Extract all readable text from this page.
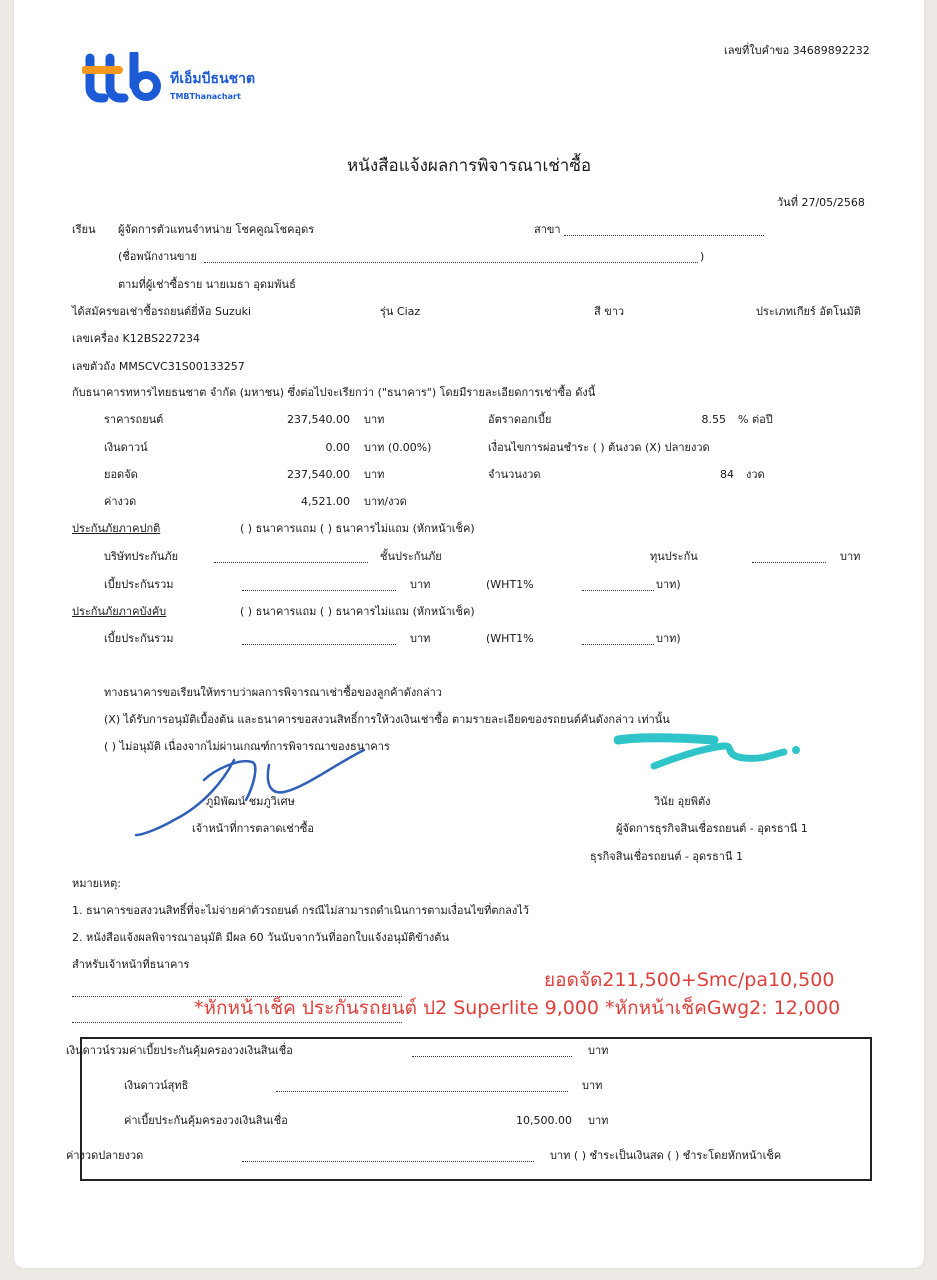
ทีเอ็มบีธนชาต
TMBThanachart
เลขที่ใบคำขอ 34689892232
หนังสือแจ้งผลการพิจารณาเช่าซื้อ
วันที่ 27/05/2568
เรียน ผู้จัดการตัวแทนจำหน่าย โชคคูณโชคอุดร	สาขา
(ชื่อพนักงานขาย	)
ตามที่ผู้เช่าซื้อราย นายเมธา อุดมพันธ์
ได้สมัครขอเช่าซื้อรถยนต์ยี่ห้อ Suzuki	รุ่น Ciaz	สี ขาว	ประเภทเกียร์ อัตโนมัติ
เลขเครื่อง K12BS227234
เลขตัวถัง MMSCVC31S00133257
กับธนาคารทหารไทยธนชาต จำกัด (มหาชน) ซึ่งต่อไปจะเรียกว่า ("ธนาคาร") โดยมีรายละเอียดการเช่าซื้อ ดังนี้
ราคารถยนต์	237,540.00 บาท	อัตราดอกเบี้ย	8.55 % ต่อปี
เงินดาวน์	0.00 บาท (0.00%)	เงื่อนไขการผ่อนชำระ ( ) ต้นงวด (X) ปลายงวด
ยอดจัด	237,540.00 บาท	จำนวนงวด	84 งวด
ค่างวด	4,521.00 บาท/งวด
ประกันภัยภาคปกติ	( ) ธนาคารแถม ( ) ธนาคารไม่แถม (หักหน้าเช็ค)
บริษัทประกันภัย	ชั้นประกันภัย	ทุนประกัน	บาท
เบี้ยประกันรวม	บาท	(WHT1%	บาท)
ประกันภัยภาคบังคับ	( ) ธนาคารแถม ( ) ธนาคารไม่แถม (หักหน้าเช็ค)
เบี้ยประกันรวม	บาท	(WHT1%	บาท)
ทางธนาคารขอเรียนให้ทราบว่าผลการพิจารณาเช่าซื้อของลูกค้าดังกล่าว
(X) ได้รับการอนุมัติเบื้องต้น และธนาคารขอสงวนสิทธิ์การให้วงเงินเช่าซื้อ ตามรายละเอียดของรถยนต์คันดังกล่าว เท่านั้น
( ) ไม่อนุมัติ เนื่องจากไม่ผ่านเกณฑ์การพิจารณาของธนาคาร
ภูมิพัฒน์ ชมภูวิเศษ
เจ้าหน้าที่การตลาดเช่าซื้อ
วินัย อุยพิตัง
ผู้จัดการธุรกิจสินเชื่อรถยนต์ - อุดรธานี 1
ธุรกิจสินเชื่อรถยนต์ - อุดรธานี 1
หมายเหตุ:
1. ธนาคารขอสงวนสิทธิ์ที่จะไม่จ่ายค่าตัวรถยนต์ กรณีไม่สามารถดำเนินการตามเงื่อนไขที่ตกลงไว้
2. หนังสือแจ้งผลพิจารณาอนุมัติ มีผล 60 วันนับจากวันที่ออกใบแจ้งอนุมัติข้างต้น
สำหรับเจ้าหน้าที่ธนาคาร
ยอดจัด211,500+Smc/pa10,500
*หักหน้าเช็ค ประกันรถยนต์ ป2 Superlite 9,000 *หักหน้าเช็คGwg2: 12,000
เงินดาวน์รวมค่าเบี้ยประกันคุ้มครองวงเงินสินเชื่อ	บาท
เงินดาวน์สุทธิ	บาท
ค่าเบี้ยประกันคุ้มครองวงเงินสินเชื่อ	10,500.00 บาท
ค่างวดปลายงวด	บาท ( ) ชำระเป็นเงินสด ( ) ชำระโดยหักหน้าเช็ค
